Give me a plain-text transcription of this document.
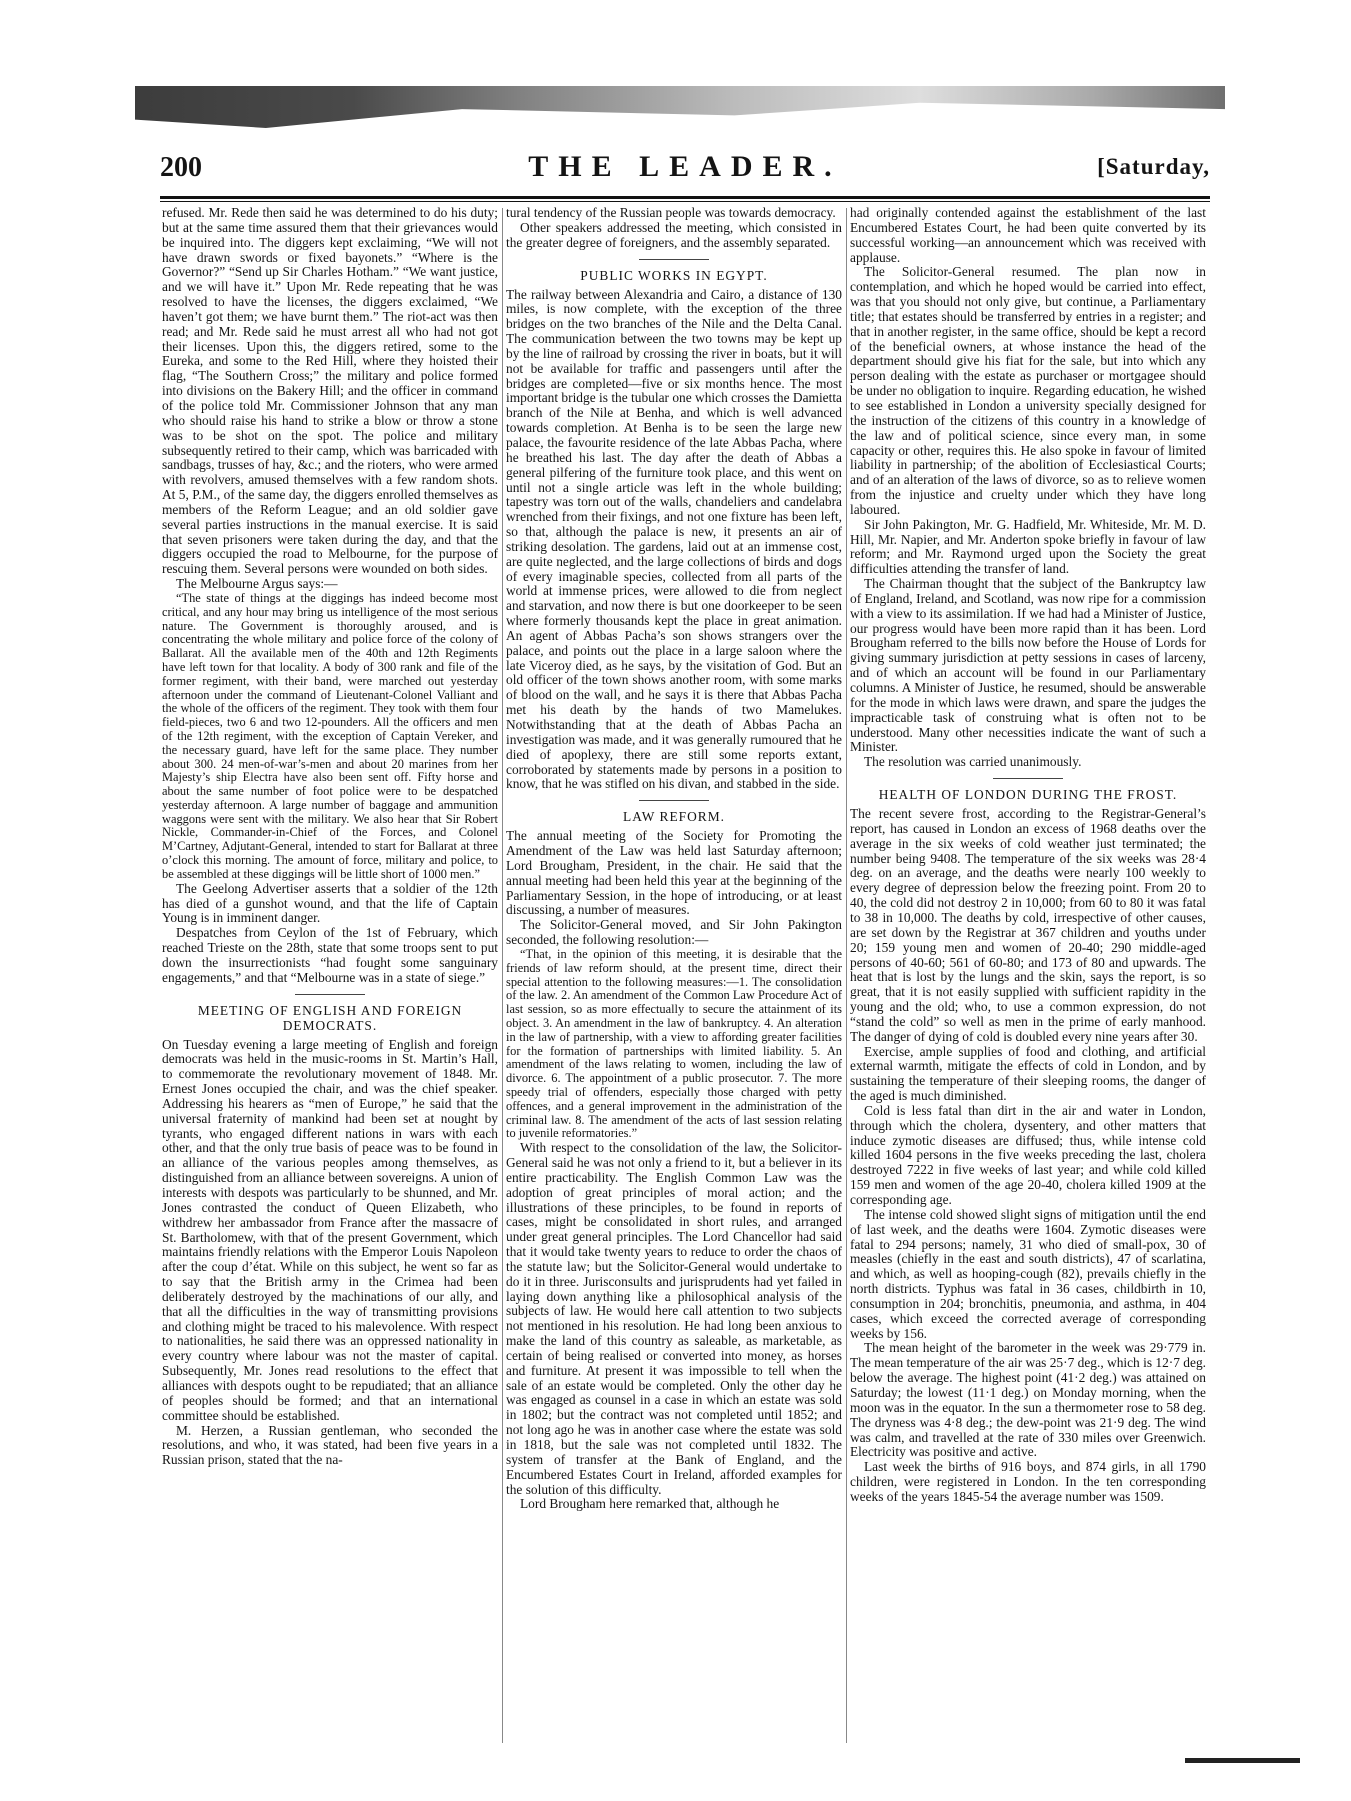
200	THE LEADER.	[Saturday,

refused. Mr. Rede then said he was determined to do his duty; but at the same time assured them that their grievances would be inquired into. The diggers kept exclaiming, “We will not have drawn swords or fixed bayonets.” “Where is the Governor?” “Send up Sir Charles Hotham.” “We want justice, and we will have it.” Upon Mr. Rede repeating that he was resolved to have the licenses, the diggers exclaimed, “We haven’t got them; we have burnt them.” The riot-act was then read; and Mr. Rede said he must arrest all who had not got their licenses. Upon this, the diggers retired, some to the Eureka, and some to the Red Hill, where they hoisted their flag, “The Southern Cross;” the military and police formed into divisions on the Bakery Hill; and the officer in command of the police told Mr. Commissioner Johnson that any man who should raise his hand to strike a blow or throw a stone was to be shot on the spot. The police and military subsequently retired to their camp, which was barricaded with sandbags, trusses of hay, &c.; and the rioters, who were armed with revolvers, amused themselves with a few random shots. At 5, P.M., of the same day, the diggers enrolled themselves as members of the Reform League; and an old soldier gave several parties instructions in the manual exercise. It is said that seven prisoners were taken during the day, and that the diggers occupied the road to Melbourne, for the purpose of rescuing them. Several persons were wounded on both sides.

The Melbourne Argus says:—

“The state of things at the diggings has indeed become most critical, and any hour may bring us intelligence of the most serious nature. The Government is thoroughly aroused, and is concentrating the whole military and police force of the colony of Ballarat. All the available men of the 40th and 12th Regiments have left town for that locality. A body of 300 rank and file of the former regiment, with their band, were marched out yesterday afternoon under the command of Lieutenant-Colonel Valliant and the whole of the officers of the regiment. They took with them four field-pieces, two 6 and two 12-pounders. All the officers and men of the 12th regiment, with the exception of Captain Vereker, and the necessary guard, have left for the same place. They number about 300. 24 men-of-war’s-men and about 20 marines from her Majesty’s ship Electra have also been sent off. Fifty horse and about the same number of foot police were to be despatched yesterday afternoon. A large number of baggage and ammunition waggons were sent with the military. We also hear that Sir Robert Nickle, Commander-in-Chief of the Forces, and Colonel M’Cartney, Adjutant-General, intended to start for Ballarat at three o’clock this morning. The amount of force, military and police, to be assembled at these diggings will be little short of 1000 men.”

The Geelong Advertiser asserts that a soldier of the 12th has died of a gunshot wound, and that the life of Captain Young is in imminent danger.

Despatches from Ceylon of the 1st of February, which reached Trieste on the 28th, state that some troops sent to put down the insurrectionists “had fought some sanguinary engagements,” and that “Melbourne was in a state of siege.”

MEETING OF ENGLISH AND FOREIGN DEMOCRATS.

On Tuesday evening a large meeting of English and foreign democrats was held in the music-rooms in St. Martin’s Hall, to commemorate the revolutionary movement of 1848. Mr. Ernest Jones occupied the chair, and was the chief speaker. Addressing his hearers as “men of Europe,” he said that the universal fraternity of mankind had been set at nought by tyrants, who engaged different nations in wars with each other, and that the only true basis of peace was to be found in an alliance of the various peoples among themselves, as distinguished from an alliance between sovereigns. A union of interests with despots was particularly to be shunned, and Mr. Jones contrasted the conduct of Queen Elizabeth, who withdrew her ambassador from France after the massacre of St. Bartholomew, with that of the present Government, which maintains friendly relations with the Emperor Louis Napoleon after the coup d’état. While on this subject, he went so far as to say that the British army in the Crimea had been deliberately destroyed by the machinations of our ally, and that all the difficulties in the way of transmitting provisions and clothing might be traced to his malevolence. With respect to nationalities, he said there was an oppressed nationality in every country where labour was not the master of capital. Subsequently, Mr. Jones read resolutions to the effect that alliances with despots ought to be repudiated; that an alliance of peoples should be formed; and that an international committee should be established.

M. Herzen, a Russian gentleman, who seconded the resolutions, and who, it was stated, had been five years in a Russian prison, stated that the na-

tural tendency of the Russian people was towards democracy.

Other speakers addressed the meeting, which consisted in the greater degree of foreigners, and the assembly separated.

PUBLIC WORKS IN EGYPT.

The railway between Alexandria and Cairo, a distance of 130 miles, is now complete, with the exception of the three bridges on the two branches of the Nile and the Delta Canal. The communication between the two towns may be kept up by the line of railroad by crossing the river in boats, but it will not be available for traffic and passengers until after the bridges are completed—five or six months hence. The most important bridge is the tubular one which crosses the Damietta branch of the Nile at Benha, and which is well advanced towards completion. At Benha is to be seen the large new palace, the favourite residence of the late Abbas Pacha, where he breathed his last. The day after the death of Abbas a general pilfering of the furniture took place, and this went on until not a single article was left in the whole building; tapestry was torn out of the walls, chandeliers and candelabra wrenched from their fixings, and not one fixture has been left, so that, although the palace is new, it presents an air of striking desolation. The gardens, laid out at an immense cost, are quite neglected, and the large collections of birds and dogs of every imaginable species, collected from all parts of the world at immense prices, were allowed to die from neglect and starvation, and now there is but one doorkeeper to be seen where formerly thousands kept the place in great animation. An agent of Abbas Pacha’s son shows strangers over the palace, and points out the place in a large saloon where the late Viceroy died, as he says, by the visitation of God. But an old officer of the town shows another room, with some marks of blood on the wall, and he says it is there that Abbas Pacha met his death by the hands of two Mamelukes. Notwithstanding that at the death of Abbas Pacha an investigation was made, and it was generally rumoured that he died of apoplexy, there are still some reports extant, corroborated by statements made by persons in a position to know, that he was stifled on his divan, and stabbed in the side.

LAW REFORM.

The annual meeting of the Society for Promoting the Amendment of the Law was held last Saturday afternoon; Lord Brougham, President, in the chair. He said that the annual meeting had been held this year at the beginning of the Parliamentary Session, in the hope of introducing, or at least discussing, a number of measures.

The Solicitor-General moved, and Sir John Pakington seconded, the following resolution:—

“That, in the opinion of this meeting, it is desirable that the friends of law reform should, at the present time, direct their special attention to the following measures:—1. The consolidation of the law. 2. An amendment of the Common Law Procedure Act of last session, so as more effectually to secure the attainment of its object. 3. An amendment in the law of bankruptcy. 4. An alteration in the law of partnership, with a view to affording greater facilities for the formation of partnerships with limited liability. 5. An amendment of the laws relating to women, including the law of divorce. 6. The appointment of a public prosecutor. 7. The more speedy trial of offenders, especially those charged with petty offences, and a general improvement in the administration of the criminal law. 8. The amendment of the acts of last session relating to juvenile reformatories.”

With respect to the consolidation of the law, the Solicitor-General said he was not only a friend to it, but a believer in its entire practicability. The English Common Law was the adoption of great principles of moral action; and the illustrations of these principles, to be found in reports of cases, might be consolidated in short rules, and arranged under great general principles. The Lord Chancellor had said that it would take twenty years to reduce to order the chaos of the statute law; but the Solicitor-General would undertake to do it in three. Jurisconsults and jurisprudents had yet failed in laying down anything like a philosophical analysis of the subjects of law. He would here call attention to two subjects not mentioned in his resolution. He had long been anxious to make the land of this country as saleable, as marketable, as certain of being realised or converted into money, as horses and furniture. At present it was impossible to tell when the sale of an estate would be completed. Only the other day he was engaged as counsel in a case in which an estate was sold in 1802; but the contract was not completed until 1852; and not long ago he was in another case where the estate was sold in 1818, but the sale was not completed until 1832. The system of transfer at the Bank of England, and the Encumbered Estates Court in Ireland, afforded examples for the solution of this difficulty.

Lord Brougham here remarked that, although he

had originally contended against the establishment of the last Encumbered Estates Court, he had been quite converted by its successful working—an announcement which was received with applause.

The Solicitor-General resumed. The plan now in contemplation, and which he hoped would be carried into effect, was that you should not only give, but continue, a Parliamentary title; that estates should be transferred by entries in a register; and that in another register, in the same office, should be kept a record of the beneficial owners, at whose instance the head of the department should give his fiat for the sale, but into which any person dealing with the estate as purchaser or mortgagee should be under no obligation to inquire. Regarding education, he wished to see established in London a university specially designed for the instruction of the citizens of this country in a knowledge of the law and of political science, since every man, in some capacity or other, requires this. He also spoke in favour of limited liability in partnership; of the abolition of Ecclesiastical Courts; and of an alteration of the laws of divorce, so as to relieve women from the injustice and cruelty under which they have long laboured.

Sir John Pakington, Mr. G. Hadfield, Mr. Whiteside, Mr. M. D. Hill, Mr. Napier, and Mr. Anderton spoke briefly in favour of law reform; and Mr. Raymond urged upon the Society the great difficulties attending the transfer of land.

The Chairman thought that the subject of the Bankruptcy law of England, Ireland, and Scotland, was now ripe for a commission with a view to its assimilation. If we had had a Minister of Justice, our progress would have been more rapid than it has been. Lord Brougham referred to the bills now before the House of Lords for giving summary jurisdiction at petty sessions in cases of larceny, and of which an account will be found in our Parliamentary columns. A Minister of Justice, he resumed, should be answerable for the mode in which laws were drawn, and spare the judges the impracticable task of construing what is often not to be understood. Many other necessities indicate the want of such a Minister.

The resolution was carried unanimously.

HEALTH OF LONDON DURING THE FROST.

The recent severe frost, according to the Registrar-General’s report, has caused in London an excess of 1968 deaths over the average in the six weeks of cold weather just terminated; the number being 9408. The temperature of the six weeks was 28·4 deg. on an average, and the deaths were nearly 100 weekly to every degree of depression below the freezing point. From 20 to 40, the cold did not destroy 2 in 10,000; from 60 to 80 it was fatal to 38 in 10,000. The deaths by cold, irrespective of other causes, are set down by the Registrar at 367 children and youths under 20; 159 young men and women of 20-40; 290 middle-aged persons of 40-60; 561 of 60-80; and 173 of 80 and upwards. The heat that is lost by the lungs and the skin, says the report, is so great, that it is not easily supplied with sufficient rapidity in the young and the old; who, to use a common expression, do not “stand the cold” so well as men in the prime of early manhood. The danger of dying of cold is doubled every nine years after 30.

Exercise, ample supplies of food and clothing, and artificial external warmth, mitigate the effects of cold in London, and by sustaining the temperature of their sleeping rooms, the danger of the aged is much diminished.

Cold is less fatal than dirt in the air and water in London, through which the cholera, dysentery, and other matters that induce zymotic diseases are diffused; thus, while intense cold killed 1604 persons in the five weeks preceding the last, cholera destroyed 7222 in five weeks of last year; and while cold killed 159 men and women of the age 20-40, cholera killed 1909 at the corresponding age.

The intense cold showed slight signs of mitigation until the end of last week, and the deaths were 1604. Zymotic diseases were fatal to 294 persons; namely, 31 who died of small-pox, 30 of measles (chiefly in the east and south districts), 47 of scarlatina, and which, as well as hooping-cough (82), prevails chiefly in the north districts. Typhus was fatal in 36 cases, childbirth in 10, consumption in 204; bronchitis, pneumonia, and asthma, in 404 cases, which exceed the corrected average of corresponding weeks by 156.

The mean height of the barometer in the week was 29·779 in. The mean temperature of the air was 25·7 deg., which is 12·7 deg. below the average. The highest point (41·2 deg.) was attained on Saturday; the lowest (11·1 deg.) on Monday morning, when the moon was in the equator. In the sun a thermometer rose to 58 deg. The dryness was 4·8 deg.; the dew-point was 21·9 deg. The wind was calm, and travelled at the rate of 330 miles over Greenwich. Electricity was positive and active.

Last week the births of 916 boys, and 874 girls, in all 1790 children, were registered in London. In the ten corresponding weeks of the years 1845-54 the average number was 1509.
